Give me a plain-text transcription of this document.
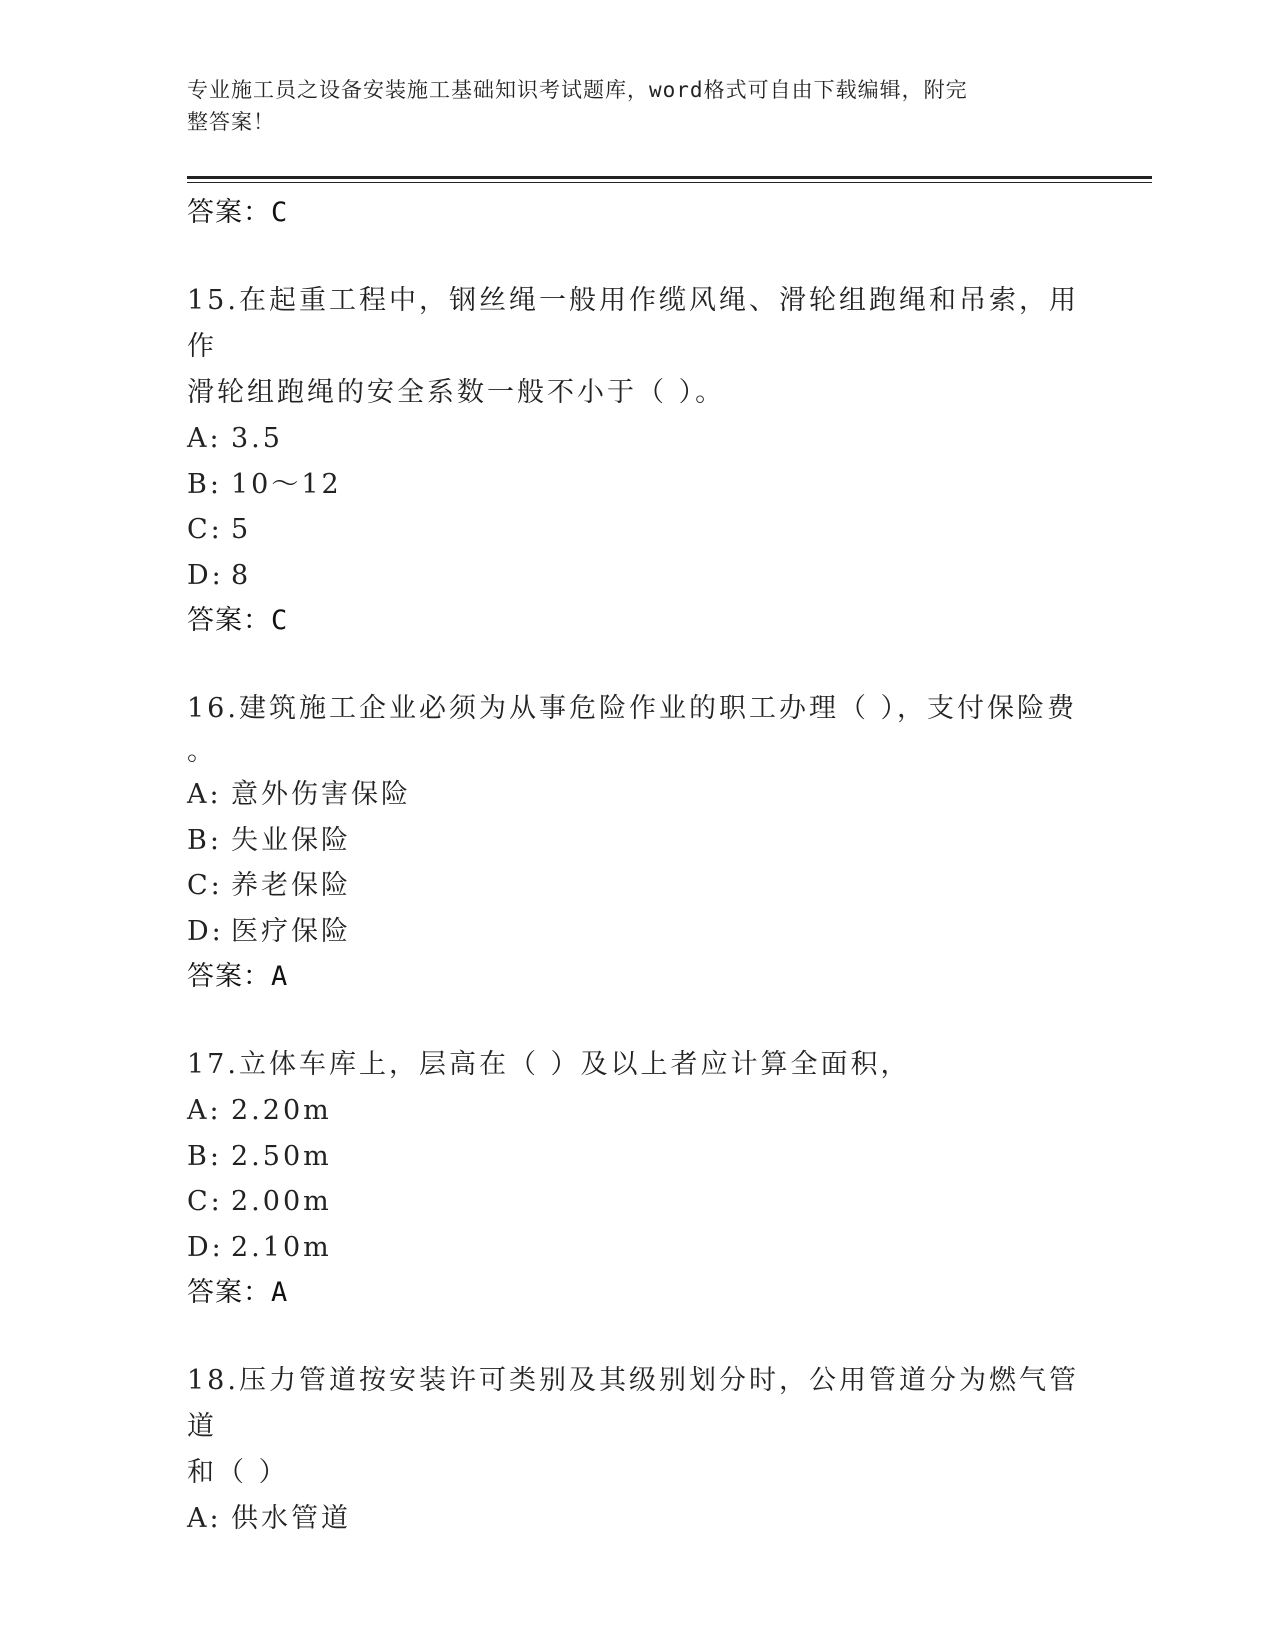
专业施工员之设备安装施工基础知识考试题库，word格式可自由下载编辑，附完
整答案！
答案：C
15.在起重工程中，钢丝绳一般用作缆风绳、滑轮组跑绳和吊索，用作
滑轮组跑绳的安全系数一般不小于（ ）。
A: 3.5
B: 10～12
C: 5
D: 8
答案：C
16.建筑施工企业必须为从事危险作业的职工办理（ ），支付保险费
。
A: 意外伤害保险
B: 失业保险
C: 养老保险
D: 医疗保险
答案：A
17.立体车库上，层高在（ ）及以上者应计算全面积，
A: 2.20m
B: 2.50m
C: 2.00m
D: 2.10m
答案：A
18.压力管道按安装许可类别及其级别划分时，公用管道分为燃气管道
和（ ）
A: 供水管道
